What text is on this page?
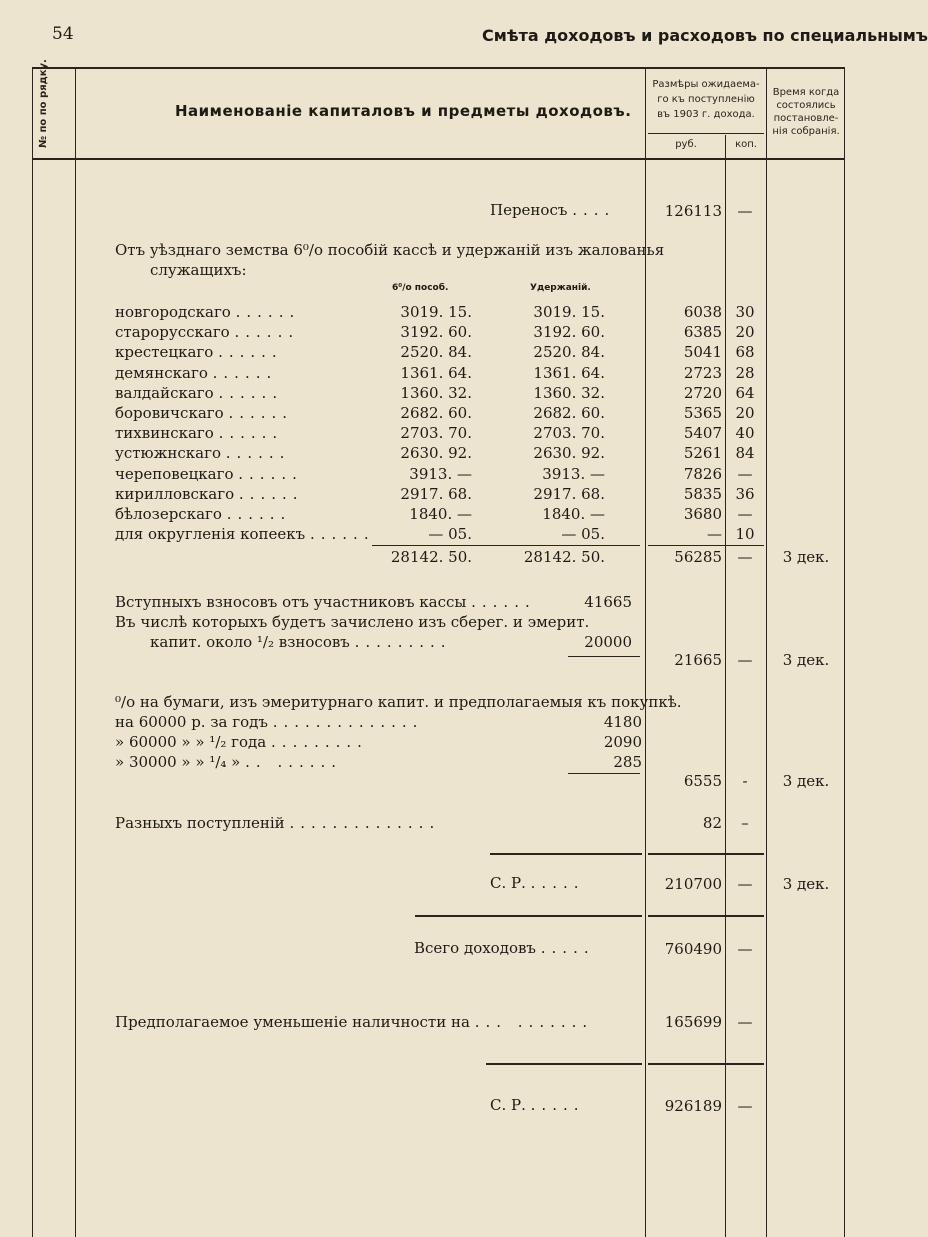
54	Смѣта доходовъ и расходовъ по специальнымъ
№ по по рядку.	Наименованiе капиталовъ и предметы доходовъ.
Размѣры ожидаема-
го къ поступленiю
въ 1903 г. дохода.
руб.	коп.
Время когда
состоялись
постановле-
нiя собранiя.
Переносъ ....	126113	—
Отъ уѣзднаго земства 6⁰/о пособiй кассѣ и удержанiй изъ жалованья
служащихъ:
6⁰/о пособ.	Удержанiй.
новгородскаго ......	3019. 15.	3019. 15.	6038 30
старорусскаго ......	3192. 60.	3192. 60.	6385 20
крестецкаго ......	2520. 84.	2520. 84.	5041 68
демянскаго ......	1361. 64.	1361. 64.	2723 28
валдайскаго ......	1360. 32.	1360. 32.	2720 64
боровичскаго ......	2682. 60.	2682. 60.	5365 20
тихвинскаго ......	2703. 70.	2703. 70.	5407 40
устюжнскаго ......	2630. 92.	2630. 92.	5261 84
череповецкаго ......	3913. —	3913. —	7826	—
кирилловскаго ......	2917. 68.	2917. 68.	5835 36
бѣлозерскаго ......	1840. —	1840. —	3680	—
для округленiя копеекъ ......	— 05.	— 05.	— 10
28142. 50.	28142. 50.	56285	—	3 дек.
Вступныхъ взносовъ отъ участниковъ кассы ......	41665
Въ числѣ которыхъ будетъ зачислено изъ сберег. и эмерит.
капит. около ¹/₂ взносовъ .........	20000
21665	—	3 дек.
⁰/о на бумаги, изъ эмеритурнаго капит. и предполагаемыя къ покупкѣ.
на 60000 р. за годъ ..............	4180
» 60000 » » ¹/₂ года .........	2090
» 30000 » » ¹/₄ » .. ......	285
6555	-	3 дек.
Разныхъ поступленiй ..............	82	–
С. Р. .....	210700	—	3 дек.
Всего доходовъ .....	760490	—
Предполагаемое уменьшенiе наличности на ... .......	165699	—
С. Р. .....	926189	—
